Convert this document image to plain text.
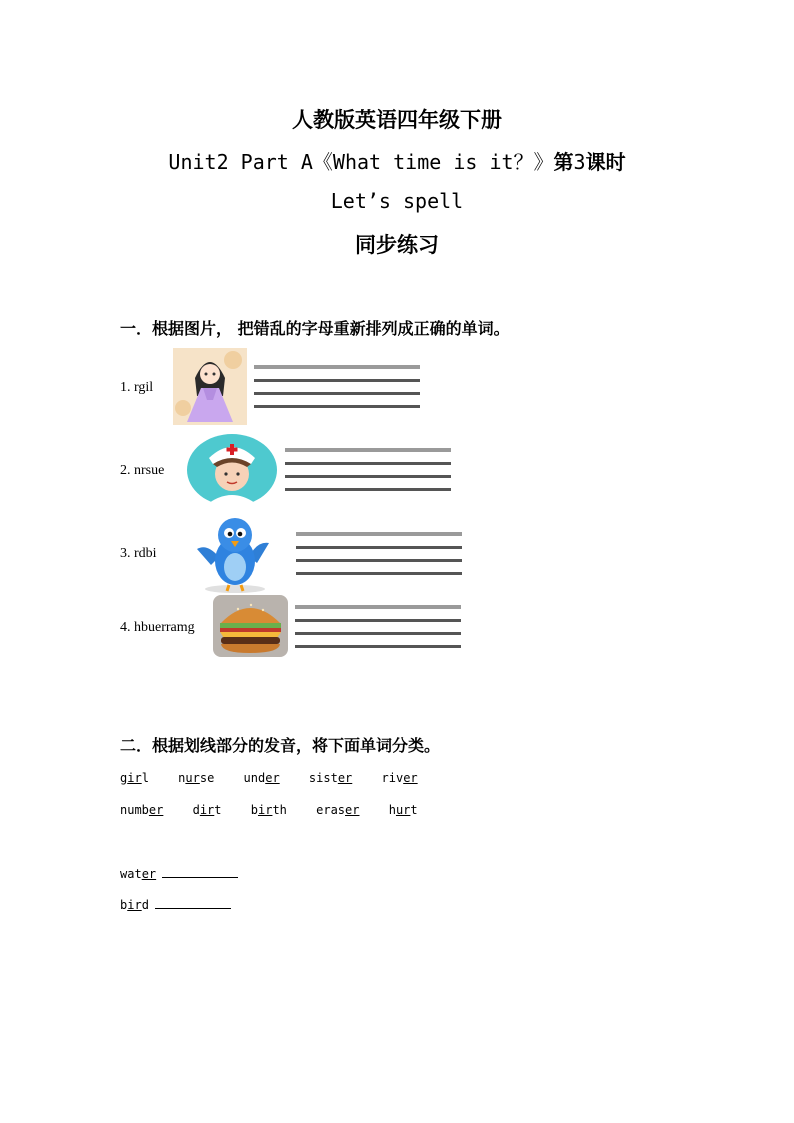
人教版英语四年级下册
Unit2 Part A《What time is it？》第3课时
Let’s spell
同步练习
一．根据图片， 把错乱的字母重新排列成正确的单词。
1. rgil
2. nrsue
3. rdbi
4. hbuerramg
二．根据划线部分的发音，将下面单词分类。
girl nurse under sister river
number dirt birth eraser hurt
water
bird
